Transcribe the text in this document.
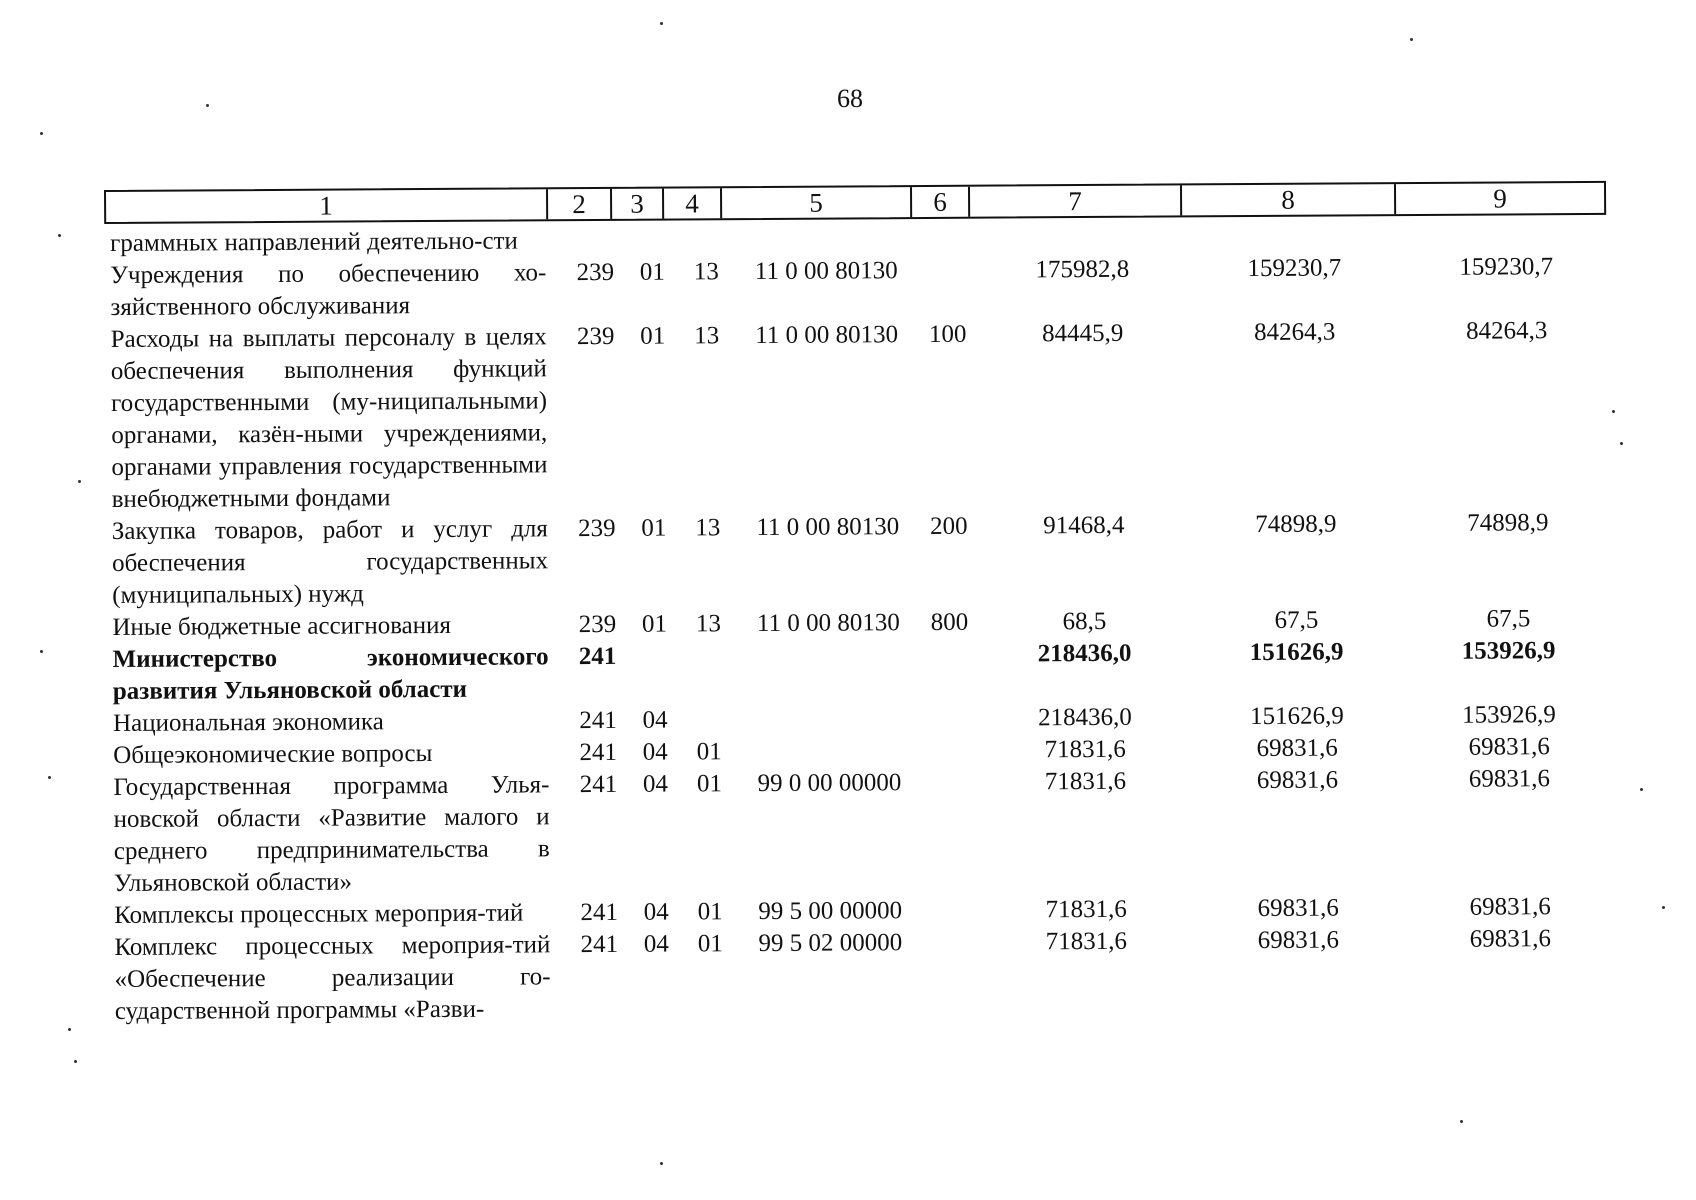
68
1	2	3	4	5	6	7	8	9
граммных направлений деятельно-сти								
Учреждения по обеспечению хо-зяйственного обслуживания	239	01	13	11 0 00 80130		175982,8	159230,7	159230,7
Расходы на выплаты персоналу в целях обеспечения выполнения функций государственными (му-ниципальными) органами, казён-ными учреждениями, органами управления государственными внебюджетными фондами	239	01	13	11 0 00 80130	100	84445,9	84264,3	84264,3
Закупка товаров, работ и услуг для обеспечения государственных (муниципальных) нужд	239	01	13	11 0 00 80130	200	91468,4	74898,9	74898,9
Иные бюджетные ассигнования	239	01	13	11 0 00 80130	800	68,5	67,5	67,5
Министерство экономического развития Ульяновской области	241					218436,0	151626,9	153926,9
Национальная экономика	241	04				218436,0	151626,9	153926,9
Общеэкономические вопросы	241	04	01			71831,6	69831,6	69831,6
Государственная программа Улья-новской области «Развитие малого и среднего предпринимательства в Ульяновской области»	241	04	01	99 0 00 00000		71831,6	69831,6	69831,6
Комплексы процессных мероприя-тий	241	04	01	99 5 00 00000		71831,6	69831,6	69831,6
Комплекс процессных мероприя-тий «Обеспечение реализации го-сударственной программы «Разви-	241	04	01	99 5 02 00000		71831,6	69831,6	69831,6
